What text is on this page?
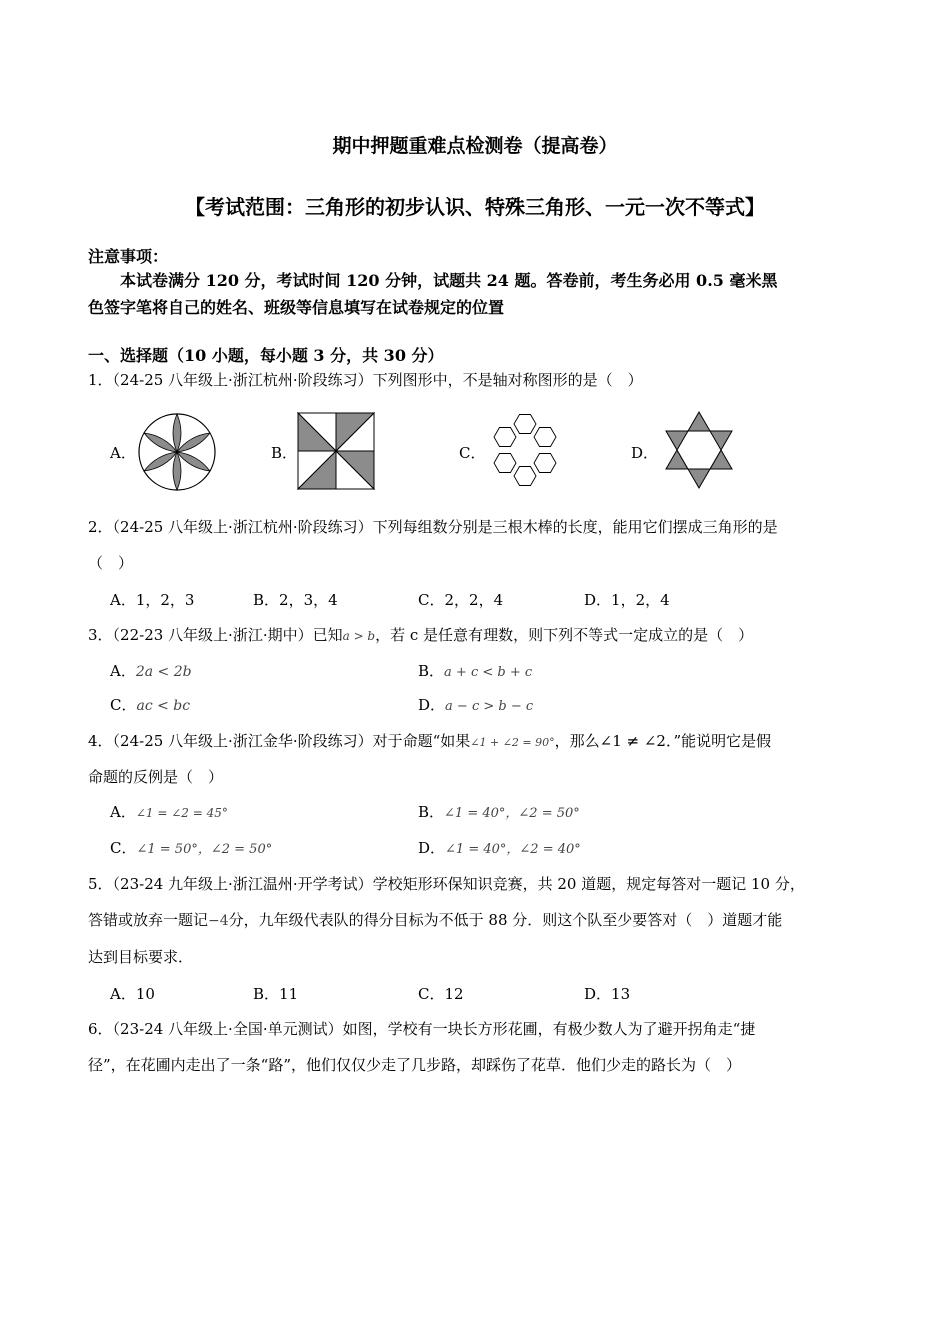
期中押题重难点检测卷（提高卷）
【考试范围：三角形的初步认识、特殊三角形、一元一次不等式】
注意事项：
本试卷满分 120 分，考试时间 120 分钟，试题共 24 题。答卷前，考生务必用 0.5 毫米黑
色签字笔将自己的姓名、班级等信息填写在试卷规定的位置
一、选择题（10 小题，每小题 3 分，共 30 分）
1．（24-25 八年级上·浙江杭州·阶段练习）下列图形中，不是轴对称图形的是（　）
A．	B．	C．	D．
2．（24-25 八年级上·浙江杭州·阶段练习）下列每组数分别是三根木棒的长度，能用它们摆成三角形的是
（　）
A．1，2，3	B．2，3，4	C．2，2，4	D．1，2，4
3．（22-23 八年级上·浙江·期中）已知a > b，若 c 是任意有理数，则下列不等式一定成立的是（　）
A．2a < 2b	B．a + c < b + c
C．ac < bc	D．a − c > b − c
4．（24-25 八年级上·浙江金华·阶段练习）对于命题“如果∠1 + ∠2 = 90°，那么∠1 ≠ ∠2．”能说明它是假
命题的反例是（　）
A．∠1 = ∠2 = 45°	B．∠1 = 40°，∠2 = 50°
C．∠1 = 50°，∠2 = 50°	D．∠1 = 40°，∠2 = 40°
5．（23-24 九年级上·浙江温州·开学考试）学校矩形环保知识竞赛，共 20 道题，规定每答对一题记 10 分，
答错或放弃一题记−4分，九年级代表队的得分目标为不低于 88 分．则这个队至少要答对（　）道题才能
达到目标要求．
A．10	B．11	C．12	D．13
6．（23-24 八年级上·全国·单元测试）如图，学校有一块长方形花圃，有极少数人为了避开拐角走“捷
径”，在花圃内走出了一条“路”，他们仅仅少走了几步路，却踩伤了花草．他们少走的路长为（　）
